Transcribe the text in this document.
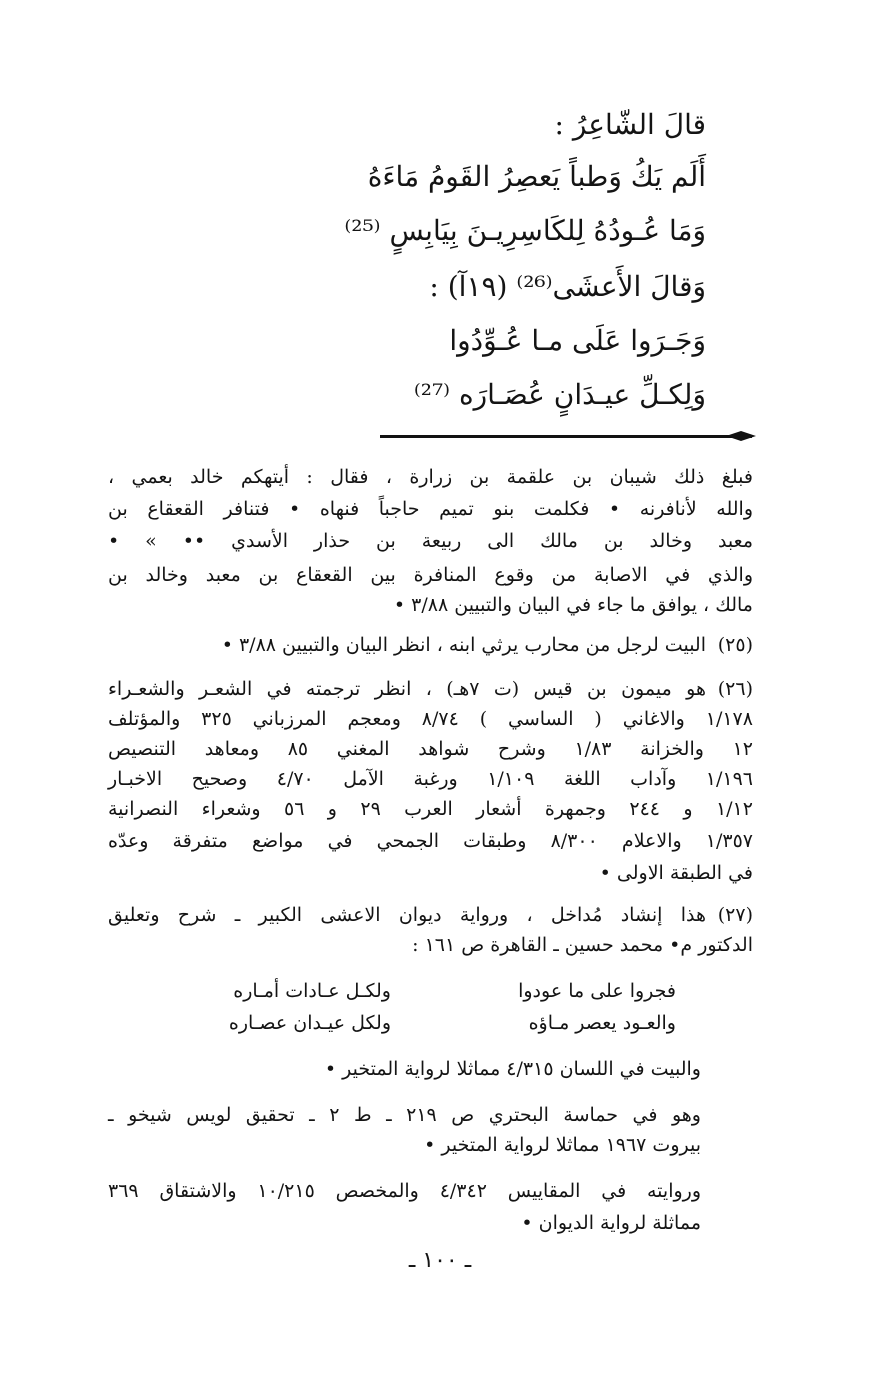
قالَ الشّاعِرُ :

أَلَم يَكُ وَطباً يَعصِرُ القَومُ مَاءَهُ

وَمَا عُـودُهُ لِلكَاسِرِيـنَ بِيَابِسٍ ⁽²⁵⁾

وَقالَ الأَعشَى⁽²⁶⁾ (١٩آ) :

وَجَـرَوا عَلَى مـا عُـوِّدُوا

وَلِكـلِّ عيـدَانٍ عُصَـارَه ⁽²⁷⁾

فبلغ ذلك شيبان بن علقمة بن زرارة ، فقال : أيتهكم خالد بعمي ،

والله لأنافرنه • فكلمت بنو تميم حاجباً فنهاه • فتنافر القعقاع بن

معبد وخالد بن مالك الى ربيعة بن حذار الأسدي •• » •

والذي في الاصابة من وقوع المنافرة بين القعقاع بن معبد وخالد بن

مالك ، يوافق ما جاء في البيان والتبيين ٣/٨٨ •

(٢٥)

البيت لرجل من محارب يرثي ابنه ، انظر البيان والتبيين ٣/٨٨ •

(٢٦)

هو ميمون بن قيس (ت ٧هـ) ، انظر ترجمته في الشعـر والشعـراء

١/١٧٨ والاغاني ( الساسي ) ٨/٧٤ ومعجم المرزباني ٣٢٥ والمؤتلف

١٢ والخزانة ١/٨٣ وشرح شواهد المغني ٨٥ ومعاهد التنصيص

١/١٩٦ وآداب اللغة ١/١٠٩ ورغبة الآمل ٤/٧٠ وصحيح الاخبـار

١/١٢ و ٢٤٤ وجمهرة أشعار العرب ٢٩ و ٥٦ وشعراء النصرانية

١/٣٥٧ والاعلام ٨/٣٠٠ وطبقات الجمحي في مواضع متفرقة وعدّه

في الطبقة الاولى •

(٢٧)

هذا إنشاد مُداخل ، ورواية ديوان الاعشى الكبير ـ شرح وتعليق

الدكتور م• محمد حسين ـ القاهرة ص ١٦١ :

فجروا على ما عودوا

ولكـل عـادات أمـاره

والعـود يعصر مـاؤه

ولكل عيـدان عصـاره

والبيت في اللسان ٤/٣١٥ مماثلا لرواية المتخير •

وهو في حماسة البحتري ص ٢١٩ ـ ط ٢ ـ تحقيق لويس شيخو ـ

بيروت ١٩٦٧ مماثلا لرواية المتخير •

وروايته في المقاييس ٤/٣٤٢ والمخصص ١٠/٢١٥ والاشتقاق ٣٦٩

مماثلة لرواية الديوان •

ـ ١٠٠ ـ
